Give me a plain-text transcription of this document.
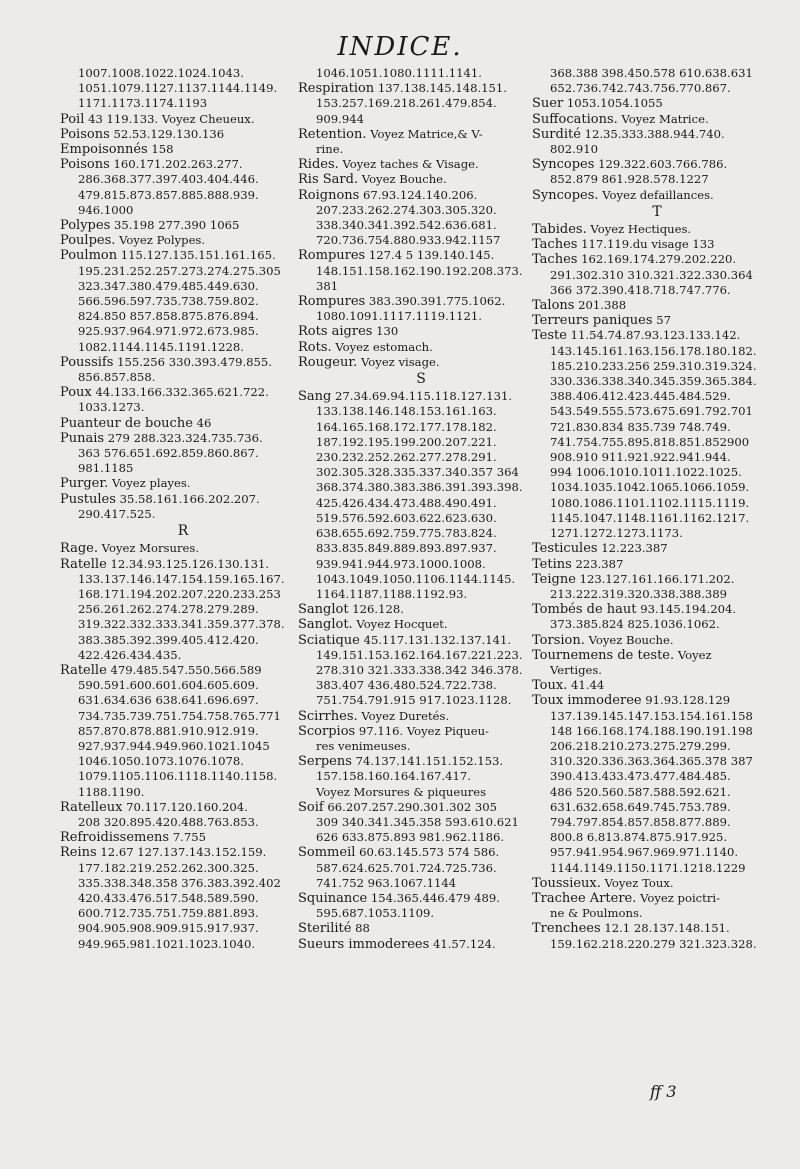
INDICE.
1007.1008.1022.1024.1043.
1051.1079.1127.1137.1144.1149.
1171.1173.1174.1193
Poil 43 119.133. Voyez Cheueux.
Poisons 52.53.129.130.136
Empoisonnés 158
Poisons 160.171.202.263.277.
286.368.377.397.403.404.446.
479.815.873.857.885.888.939.
946.1000
Polypes 35.198 277.390 1065
Poulpes. Voyez Polypes.
Poulmon 115.127.135.151.161.165.
195.231.252.257.273.274.275.305
323.347.380.479.485.449.630.
566.596.597.735.738.759.802.
824.850 857.858.875.876.894.
925.937.964.971.972.673.985.
1082.1144.1145.1191.1228.
Poussifs 155.256 330.393.479.855.
856.857.858.
Poux 44.133.166.332.365.621.722.
1033.1273.
Puanteur de bouche 46
Punais 279 288.323.324.735.736.
363 576.651.692.859.860.867.
981.1185
Purger. Voyez playes.
Pustules 35.58.161.166.202.207.
290.417.525.
R
Rage. Voyez Morsures.
Ratelle 12.34.93.125.126.130.131.
133.137.146.147.154.159.165.167.
168.171.194.202.207.220.233.253
256.261.262.274.278.279.289.
319.322.332.333.341.359.377.378.
383.385.392.399.405.412.420.
422.426.434.435.
Ratelle 479.485.547.550.566.589
590.591.600.601.604.605.609.
631.634.636 638.641.696.697.
734.735.739.751.754.758.765.771
857.870.878.881.910.912.919.
927.937.944.949.960.1021.1045
1046.1050.1073.1076.1078.
1079.1105.1106.1118.1140.1158.
1188.1190.
Ratelleux 70.117.120.160.204.
208 320.895.420.488.763.853.
Refroidissemens 7.755
Reins 12.67 127.137.143.152.159.
177.182.219.252.262.300.325.
335.338.348.358 376.383.392.402
420.433.476.517.548.589.590.
600.712.735.751.759.881.893.
904.905.908.909.915.917.937.
949.965.981.1021.1023.1040.
1046.1051.1080.1111.1141.
Respiration 137.138.145.148.151.
153.257.169.218.261.479.854.
909.944
Retention. Voyez Matrice,& V-
rine.
Rides. Voyez taches & Visage.
Ris Sard. Voyez Bouche.
Roignons 67.93.124.140.206.
207.233.262.274.303.305.320.
338.340.341.392.542.636.681.
720.736.754.880.933.942.1157
Rompures 127.4 5 139.140.145.
148.151.158.162.190.192.208.373.
381
Rompures 383.390.391.775.1062.
1080.1091.1117.1119.1121.
Rots aigres 130
Rots. Voyez estomach.
Rougeur. Voyez visage.
S
Sang 27.34.69.94.115.118.127.131.
133.138.146.148.153.161.163.
164.165.168.172.177.178.182.
187.192.195.199.200.207.221.
230.232.252.262.277.278.291.
302.305.328.335.337.340.357 364
368.374.380.383.386.391.393.398.
425.426.434.473.488.490.491.
519.576.592.603.622.623.630.
638.655.692.759.775.783.824.
833.835.849.889.893.897.937.
939.941.944.973.1000.1008.
1043.1049.1050.1106.1144.1145.
1164.1187.1188.1192.93.
Sanglot 126.128.
Sanglot. Voyez Hocquet.
Sciatique 45.117.131.132.137.141.
149.151.153.162.164.167.221.223.
278.310 321.333.338.342 346.378.
383.407 436.480.524.722.738.
751.754.791.915 917.1023.1128.
Scirrhes. Voyez Duretés.
Scorpios 97.116. Voyez Piqueu-
res venimeuses.
Serpens 74.137.141.151.152.153.
157.158.160.164.167.417.
Voyez Morsures & piqueures
Soif 66.207.257.290.301.302 305
309 340.341.345.358 593.610.621
626 633.875.893 981.962.1186.
Sommeil 60.63.145.573 574 586.
587.624.625.701.724.725.736.
741.752 963.1067.1144
Squinance 154.365.446.479 489.
595.687.1053.1109.
Sterilité 88
Sueurs immoderees 41.57.124.
368.388 398.450.578 610.638.631
652.736.742.743.756.770.867.
Suer 1053.1054.1055
Suffocations. Voyez Matrice.
Surdité 12.35.333.388.944.740.
802.910
Syncopes 129.322.603.766.786.
852.879 861.928.578.1227
Syncopes. Voyez defaillances.
T
Tabides. Voyez Hectiques.
Taches 117.119.du visage 133
Taches 162.169.174.279.202.220.
291.302.310 310.321.322.330.364
366 372.390.418.718.747.776.
Talons 201.388
Terreurs paniques 57
Teste 11.54.74.87.93.123.133.142.
143.145.161.163.156.178.180.182.
185.210.233.256 259.310.319.324.
330.336.338.340.345.359.365.384.
388.406.412.423.445.484.529.
543.549.555.573.675.691.792.701
721.830.834 835.739 748.749.
741.754.755.895.818.851.852900
908.910 911.921.922.941.944.
994 1006.1010.1011.1022.1025.
1034.1035.1042.1065.1066.1059.
1080.1086.1101.1102.1115.1119.
1145.1047.1148.1161.1162.1217.
1271.1272.1273.1173.
Testicules 12.223.387
Tetins 223.387
Teigne 123.127.161.166.171.202.
213.222.319.320.338.388.389
Tombés de haut 93.145.194.204.
373.385.824 825.1036.1062.
Torsion. Voyez Bouche.
Tournemens de teste. Voyez
Vertiges.
Toux. 41.44
Toux immoderee 91.93.128.129
137.139.145.147.153.154.161.158
148 166.168.174.188.190.191.198
206.218.210.273.275.279.299.
310.320.336.363.364.365.378 387
390.413.433.473.477.484.485.
486 520.560.587.588.592.621.
631.632.658.649.745.753.789.
794.797.854.857.858.877.889.
800.8 6.813.874.875.917.925.
957.941.954.967.969.971.1140.
1144.1149.1150.1171.1218.1229
Toussieux. Voyez Toux.
Trachee Artere. Voyez poictri-
ne & Poulmons.
Trenchees 12.1 28.137.148.151.
159.162.218.220.279 321.323.328.
ff 3
